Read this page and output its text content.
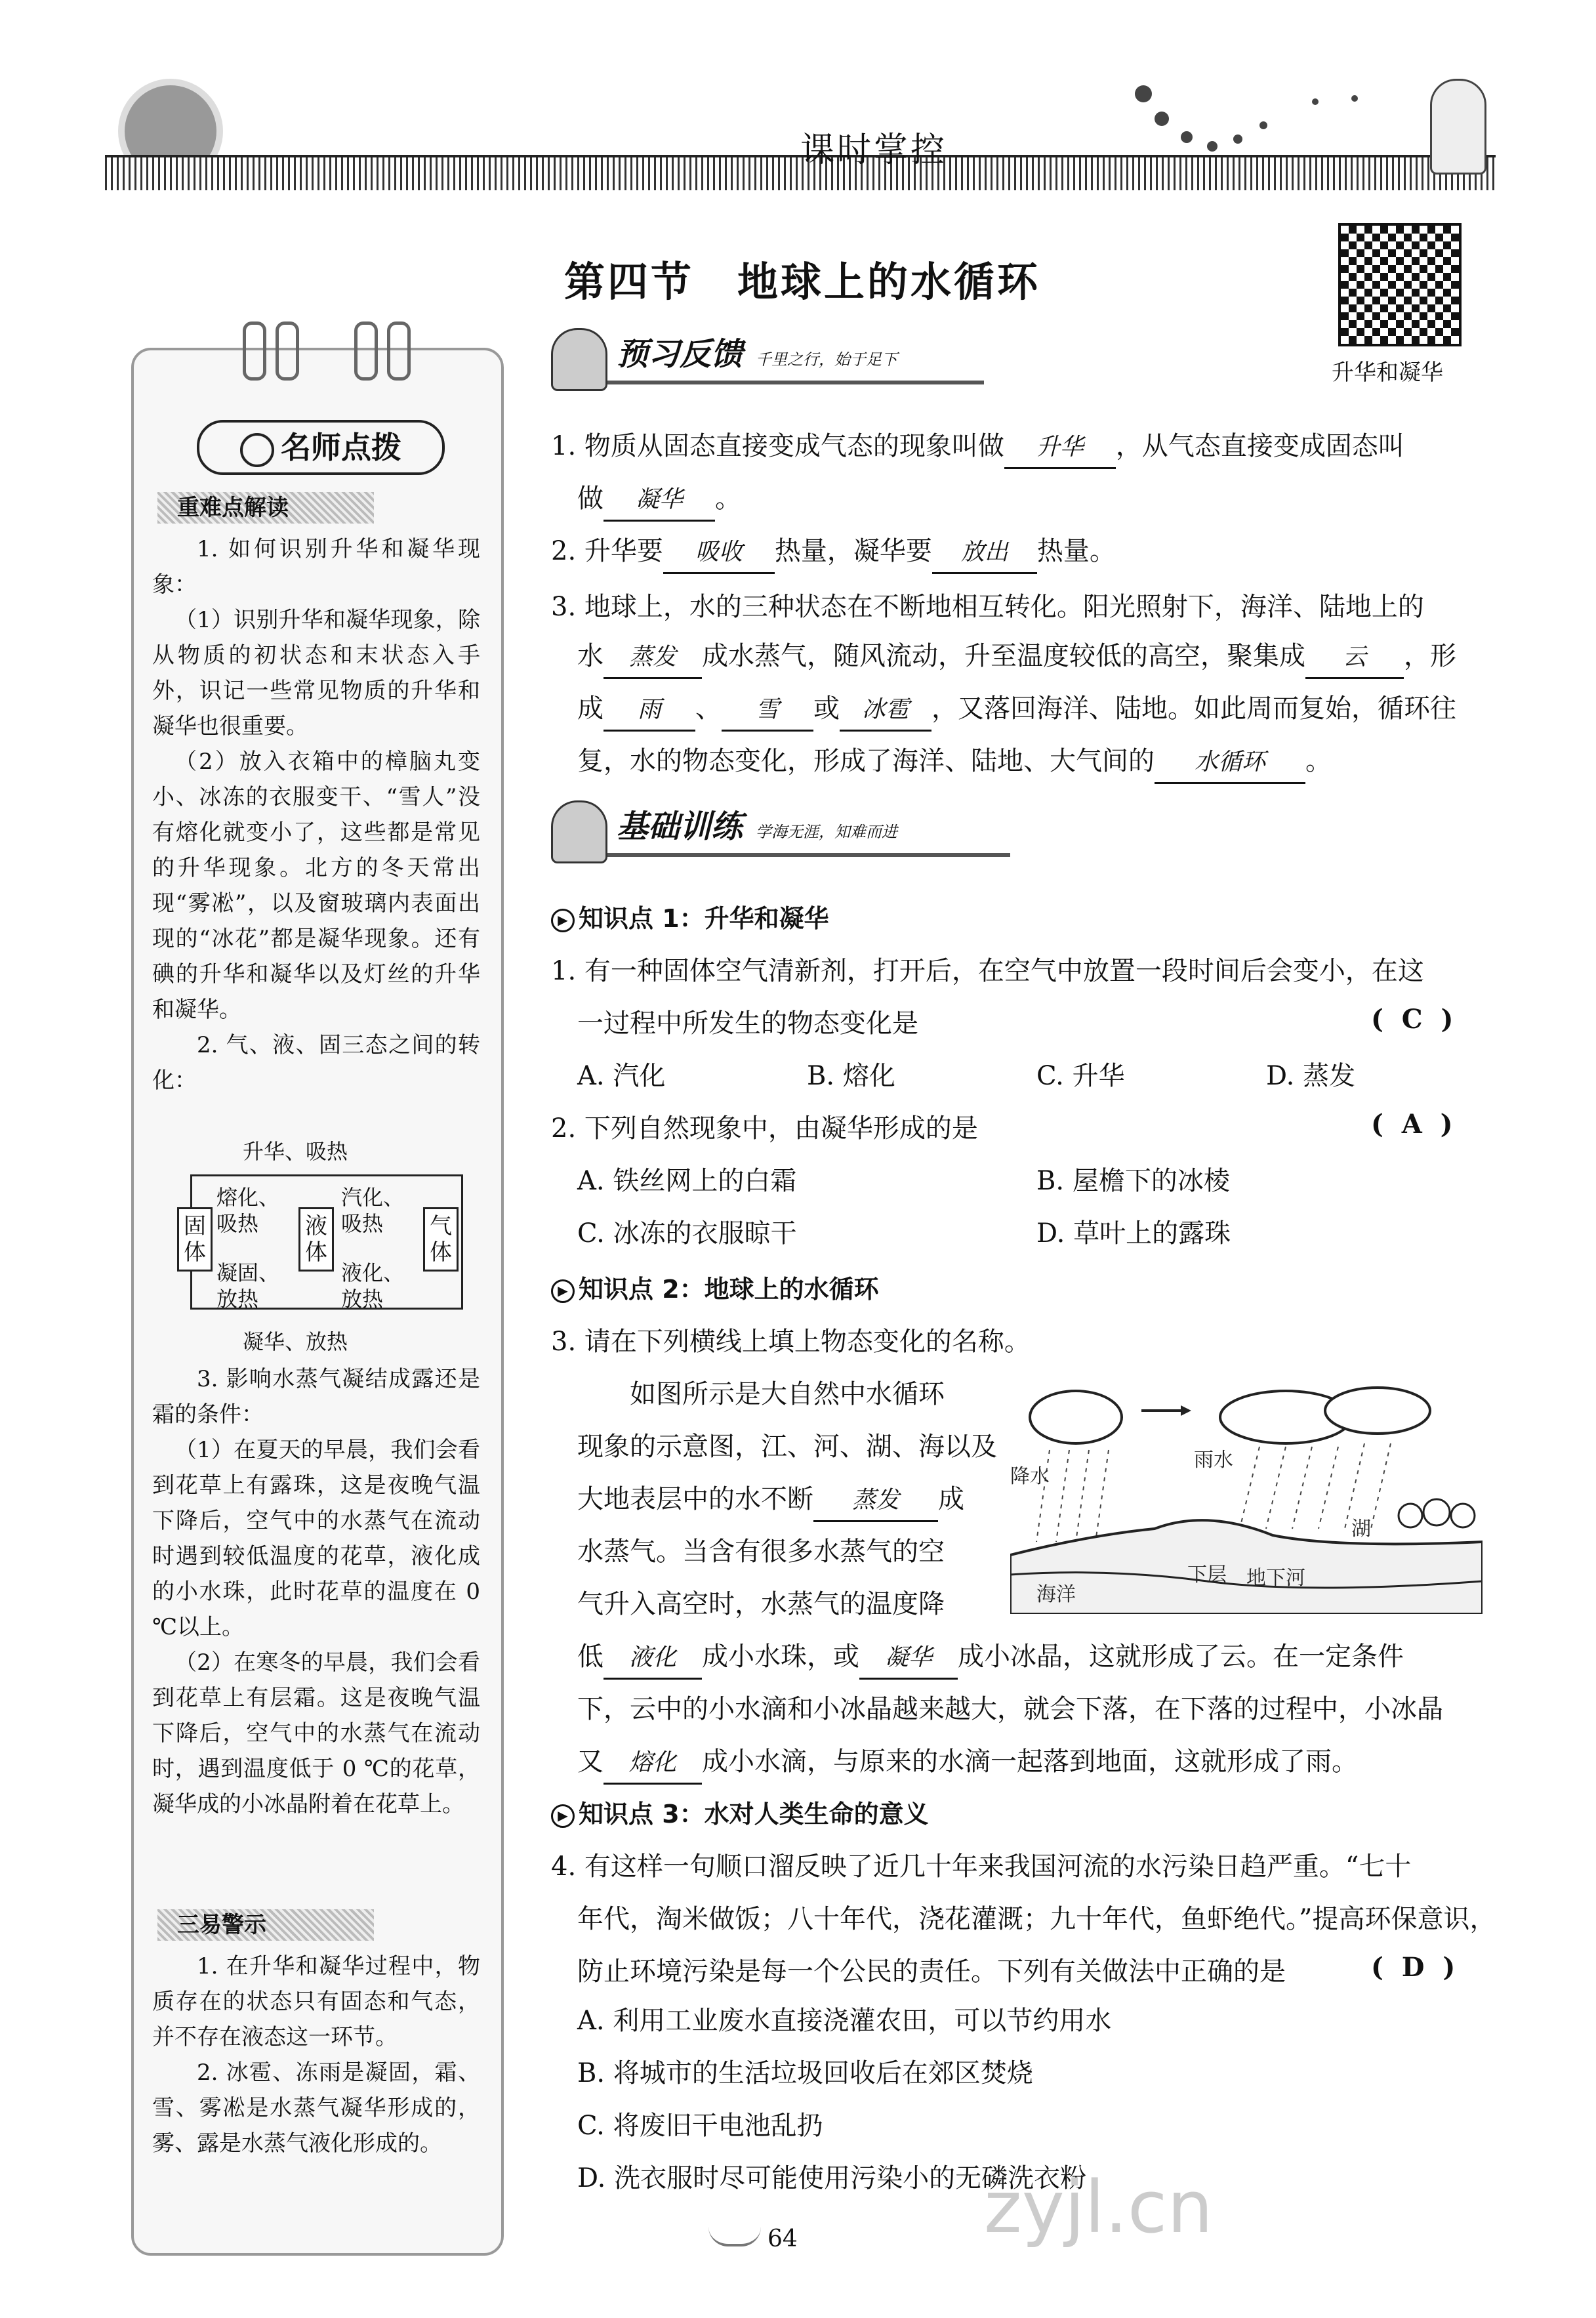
课时掌控
名师点拨
重难点解读

1. 如何识别升华和凝华现象：

（1）识别升华和凝华现象，除从物质的初状态和末状态入手外，识记一些常见物质的升华和凝华也很重要。

（2）放入衣箱中的樟脑丸变小、冰冻的衣服变干、“雪人”没有熔化就变小了，这些都是常见的升华现象。北方的冬天常出现“雾凇”，以及窗玻璃内表面出现的“冰花”都是凝华现象。还有碘的升华和凝华以及灯丝的升华和凝华。

2. 气、液、固三态之间的转化：

升华、吸热
固体
液体
气体
熔化、吸热
凝固、放热
汽化、吸热
液化、放热
凝华、放热

3. 影响水蒸气凝结成露还是霜的条件：

（1）在夏天的早晨，我们会看到花草上有露珠，这是夜晚气温下降后，空气中的水蒸气在流动时遇到较低温度的花草，液化成的小水珠，此时花草的温度在 0 ℃以上。

（2）在寒冬的早晨，我们会看到花草上有层霜。这是夜晚气温下降后，空气中的水蒸气在流动时，遇到温度低于 0 ℃的花草，凝华成的小冰晶附着在花草上。

三易警示

1. 在升华和凝华过程中，物质存在的状态只有固态和气态，并不存在液态这一环节。

2. 冰雹、冻雨是凝固，霜、雪、雾凇是水蒸气凝华形成的，雾、露是水蒸气液化形成的。

第四节　地球上的水循环
升华和凝华
预习反馈 千里之行，始于足下
1. 物质从固态直接变成气态的现象叫做 升华 ，从气态直接变成固态叫
做 凝华 。
2. 升华要 吸收 热量，凝华要 放出 热量。
3. 地球上，水的三种状态在不断地相互转化。阳光照射下，海洋、陆地上的
水 蒸发 成水蒸气，随风流动，升至温度较低的高空，聚集成 云 ，形
成 雨 、 雪 或 冰雹 ，又落回海洋、陆地。如此周而复始，循环往
复，水的物态变化，形成了海洋、陆地、大气间的 水循环 。
基础训练 学海无涯，知难而进
▶ 知识点 1：升华和凝华
1. 有一种固体空气清新剂，打开后，在空气中放置一段时间后会变小，在这
一过程中所发生的物态变化是	(  C  )
A. 汽化	B. 熔化	C. 升华	D. 蒸发
2. 下列自然现象中，由凝华形成的是	(  A  )
A. 铁丝网上的白霜	B. 屋檐下的冰棱
C. 冰冻的衣服晾干	D. 草叶上的露珠
▶ 知识点 2：地球上的水循环
3. 请在下列横线上填上物态变化的名称。
如图所示是大自然中水循环
现象的示意图，江、河、湖、海以及
大地表层中的水不断 蒸发 成
水蒸气。当含有很多水蒸气的空
气升入高空时，水蒸气的温度降
低 液化 成小水珠，或 凝华 成小冰晶，这就形成了云。在一定条件
下，云中的小水滴和小冰晶越来越大，就会下落，在下落的过程中，小冰晶
又 熔化 成小水滴，与原来的水滴一起落到地面，这就形成了雨。
雨水
降水
湖
海洋
下层 地下河
▶ 知识点 3：水对人类生命的意义
4. 有这样一句顺口溜反映了近几十年来我国河流的水污染日趋严重。“七十
年代，淘米做饭；八十年代，浇花灌溉；九十年代，鱼虾绝代。”提高环保意识，
防止环境污染是每一个公民的责任。下列有关做法中正确的是	(  D  )
A. 利用工业废水直接浇灌农田，可以节约用水
B. 将城市的生活垃圾回收后在郊区焚烧
C. 将废旧干电池乱扔
D. 洗衣服时尽可能使用污染小的无磷洗衣粉
64	zyjl.cn
